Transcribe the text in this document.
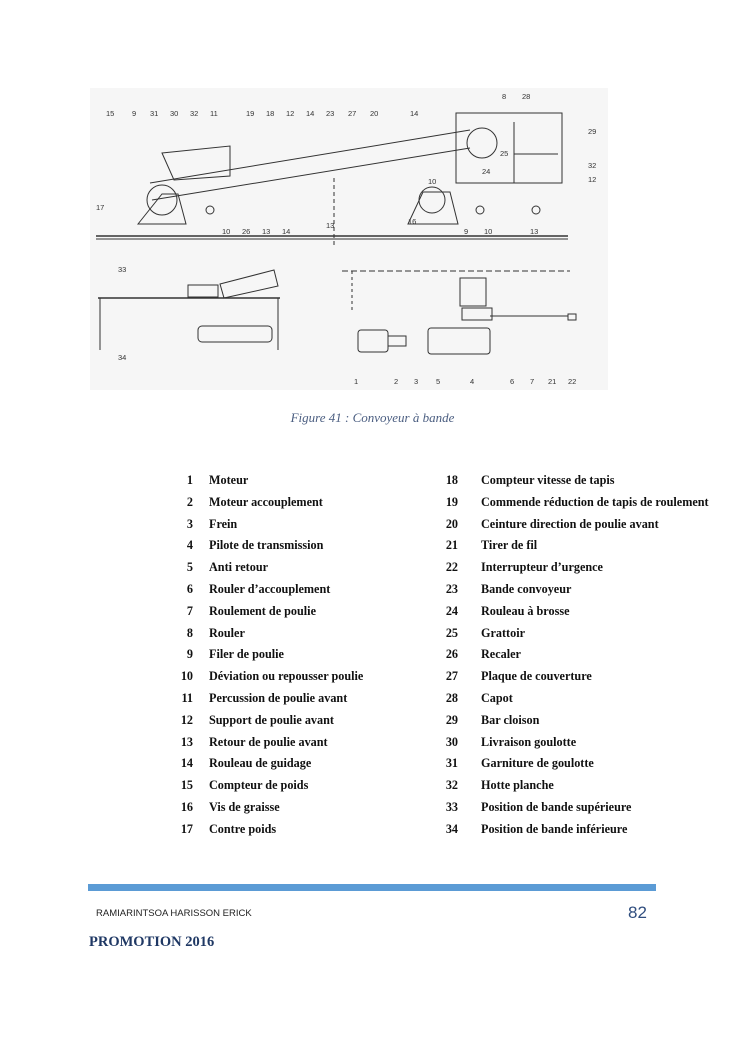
15 9 31 30 32 11	19 18 12 14 23	20
27	14
8 28
29
32
12
24
25
10
17
16
10 26 13 14
13
9 10	13
33
34
1	2 3 5	4	6 7 21 22
Figure 41 : Convoyeur à bande
1 Moteur
2 Moteur accouplement
3 Frein
4 Pilote de transmission
5 Anti retour
6 Rouler d’accouplement
7 Roulement de poulie
8 Rouler
9 Filer de poulie
10 Déviation ou repousser poulie
11 Percussion de poulie avant
12 Support de poulie avant
13 Retour de poulie avant
14 Rouleau de guidage
15 Compteur de poids
16 Vis de graisse
17 Contre poids
18 Compteur vitesse de tapis
19 Commende réduction de tapis de roulement
20 Ceinture direction de poulie avant
21 Tirer de fil
22 Interrupteur d’urgence
23 Bande convoyeur
24 Rouleau à brosse
25 Grattoir
26 Recaler
27 Plaque de couverture
28 Capot
29 Bar cloison
30 Livraison goulotte
31 Garniture de goulotte
32 Hotte planche
33 Position de bande supérieure
34 Position de bande inférieure
RAMIARINTSOA HARISSON ERICK	82
PROMOTION 2016
